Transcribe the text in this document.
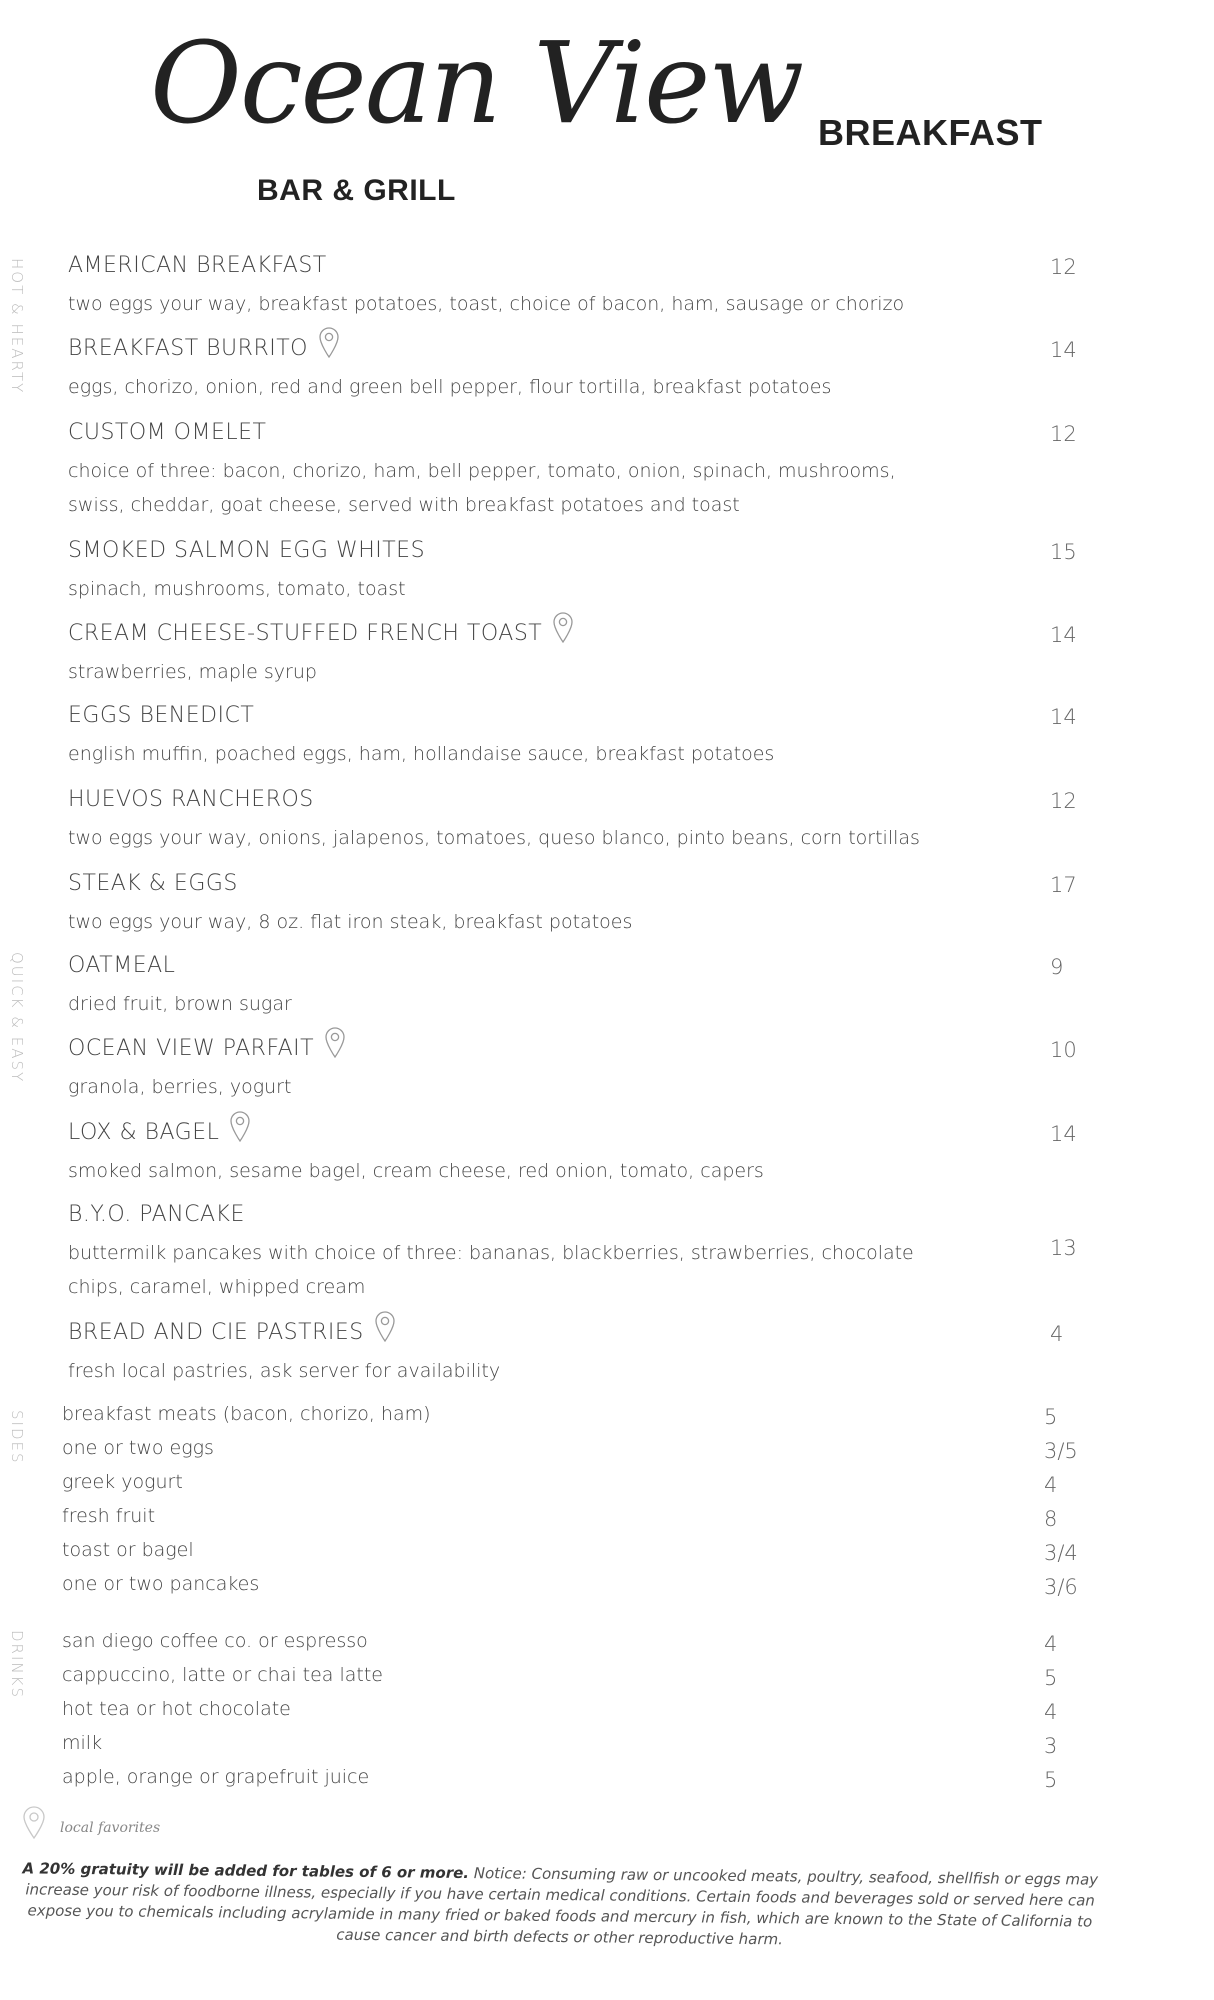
Ocean View
BAR & GRILL
BREAKFAST
HOT & HEARTY
QUICK & EASY
SIDES
DRINKS
AMERICAN BREAKFAST
two eggs your way, breakfast potatoes, toast, choice of bacon, ham, sausage or chorizo
12
BREAKFAST BURRITO
eggs, chorizo, onion, red and green bell pepper, flour tortilla, breakfast potatoes
14
CUSTOM OMELET
choice of three: bacon, chorizo, ham, bell pepper, tomato, onion, spinach, mushrooms, swiss, cheddar, goat cheese, served with breakfast potatoes and toast
12
SMOKED SALMON EGG WHITES
spinach, mushrooms, tomato, toast
15
CREAM CHEESE-STUFFED FRENCH TOAST
strawberries, maple syrup
14
EGGS BENEDICT
english muffin, poached eggs, ham, hollandaise sauce, breakfast potatoes
14
HUEVOS RANCHEROS
two eggs your way, onions, jalapenos, tomatoes, queso blanco, pinto beans, corn tortillas
12
STEAK & EGGS
two eggs your way, 8 oz. flat iron steak, breakfast potatoes
17
OATMEAL
dried fruit, brown sugar
9
OCEAN VIEW PARFAIT
granola, berries, yogurt
10
LOX & BAGEL
smoked salmon, sesame bagel, cream cheese, red onion, tomato, capers
14
B.Y.O. PANCAKE
buttermilk pancakes with choice of three: bananas, blackberries, strawberries, chocolate chips, caramel, whipped cream
13
BREAD AND CIE PASTRIES
fresh local pastries, ask server for availability
4
breakfast meats (bacon, chorizo, ham)	5
one or two eggs	3/5
greek yogurt	4
fresh fruit	8
toast or bagel	3/4
one or two pancakes	3/6
san diego coffee co. or espresso	4
cappuccino, latte or chai tea latte	5
hot tea or hot chocolate	4
milk	3
apple, orange or grapefruit juice	5
local favorites
A 20% gratuity will be added for tables of 6 or more. Notice: Consuming raw or uncooked meats, poultry, seafood, shellfish or eggs may increase your risk of foodborne illness, especially if you have certain medical conditions. Certain foods and beverages sold or served here can expose you to chemicals including acrylamide in many fried or baked foods and mercury in fish, which are known to the State of California to cause cancer and birth defects or other reproductive harm.
